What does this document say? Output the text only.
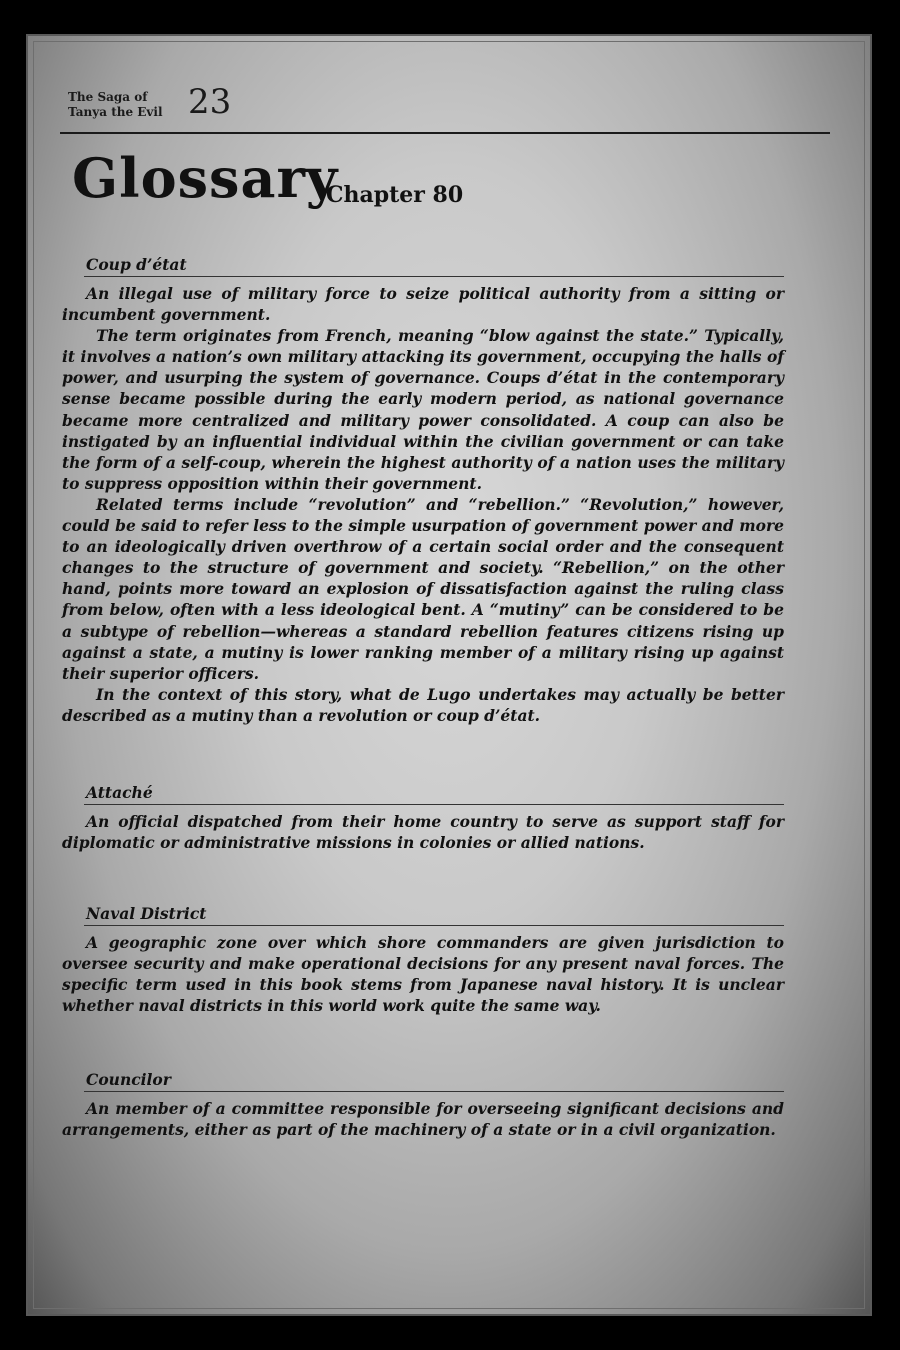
The Saga of
Tanya the Evil 23
Glossary
Chapter 80
Coup d’état

An illegal use of military force to seize political authority from a sitting or incumbent government.

The term originates from French, meaning “blow against the state.” Typically, it involves a nation’s own military attacking its government, occupying the halls of power, and usurping the system of governance. Coups d’état in the contemporary sense became possible during the early modern period, as national governance became more centralized and military power consolidated. A coup can also be instigated by an influential individual within the civilian government or can take the form of a self-coup, wherein the highest authority of a nation uses the military to suppress opposition within their government.

Related terms include “revolution” and “rebellion.” “Revolution,” however, could be said to refer less to the simple usurpation of government power and more to an ideologically driven overthrow of a certain social order and the consequent changes to the structure of government and society. “Rebellion,” on the other hand, points more toward an explosion of dissatisfaction against the ruling class from below, often with a less ideological bent. A “mutiny” can be considered to be a subtype of rebellion—whereas a standard rebellion features citizens rising up against a state, a mutiny is lower ranking member of a military rising up against their superior officers.

In the context of this story, what de Lugo undertakes may actually be better described as a mutiny than a revolution or coup d’état.

Attaché

An official dispatched from their home country to serve as support staff for diplomatic or administrative missions in colonies or allied nations.

Naval District

A geographic zone over which shore commanders are given jurisdiction to oversee security and make operational decisions for any present naval forces. The specific term used in this book stems from Japanese naval history. It is unclear whether naval districts in this world work quite the same way.

Councilor

An member of a committee responsible for overseeing significant decisions and arrangements, either as part of the machinery of a state or in a civil organization.
